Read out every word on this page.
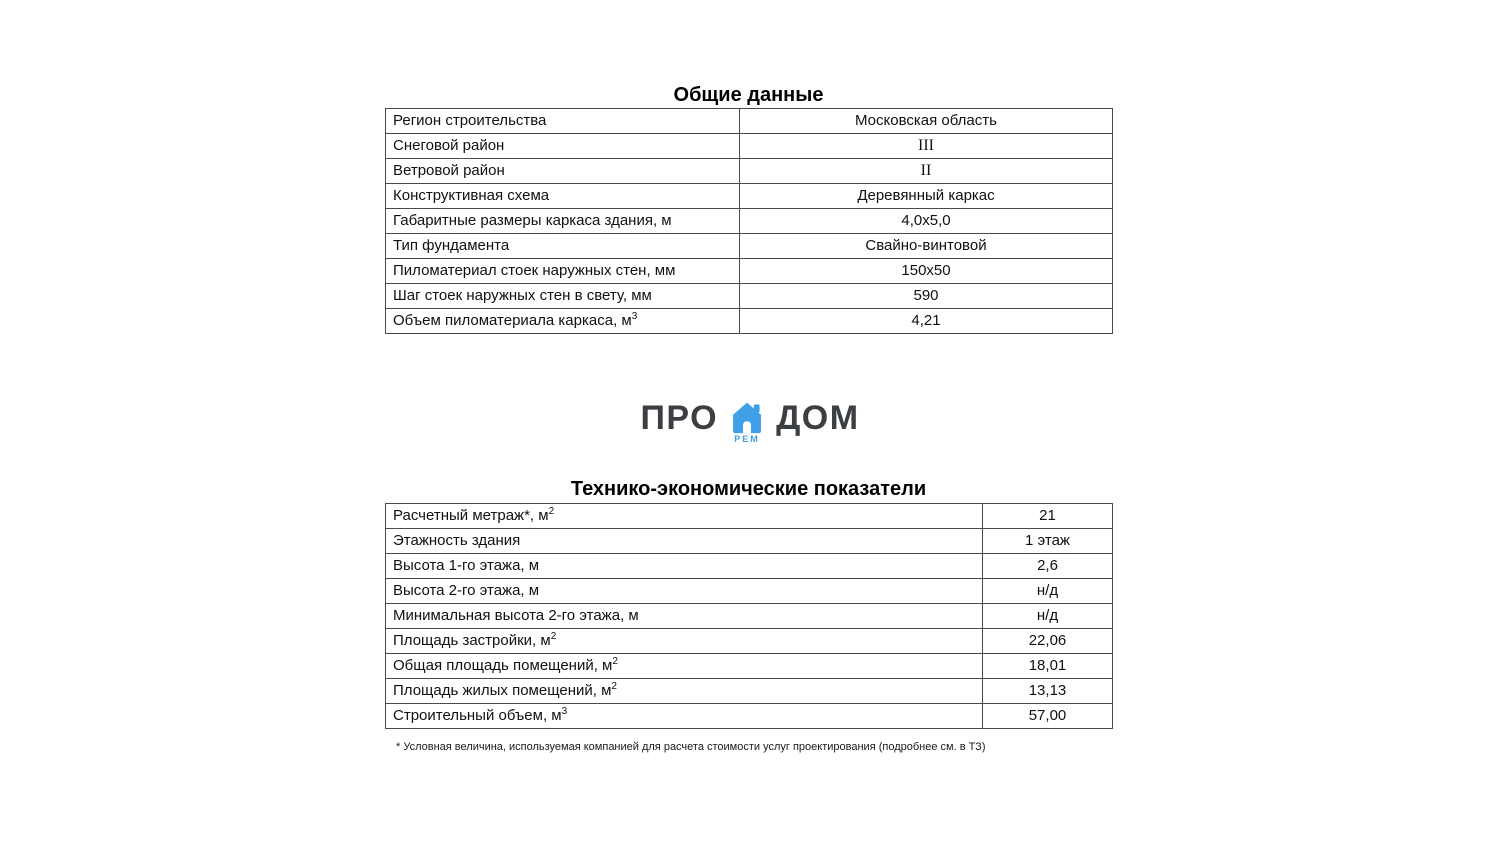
Общие данные
Регион строительства	Московская область
Снеговой район	III
Ветровой район	II
Конструктивная схема	Деревянный каркас
Габаритные размеры каркаса здания, м	4,0х5,0
Тип фундамента	Свайно-винтовой
Пиломатериал стоек наружных стен, мм	150х50
Шаг стоек наружных стен в свету, мм	590
Объем пиломатериала каркаса, $м^3$	4,21
ПРО
РЕМ
ДОМ
Технико-экономические показатели
Расчетный метраж*, $м^2$	21
Этажность здания	1 этаж
Высота 1-го этажа, м	2,6
Высота 2-го этажа, м	н/д
Минимальная высота 2-го этажа, м	н/д
Площадь застройки, $м^2$	22,06
Общая площадь помещений, $м^2$	18,01
Площадь жилых помещений, $м^2$	13,13
Строительный объем, $м^3$	57,00
* Условная величина, используемая компанией для расчета стоимости услуг проектирования (подробнее см. в ТЗ)
